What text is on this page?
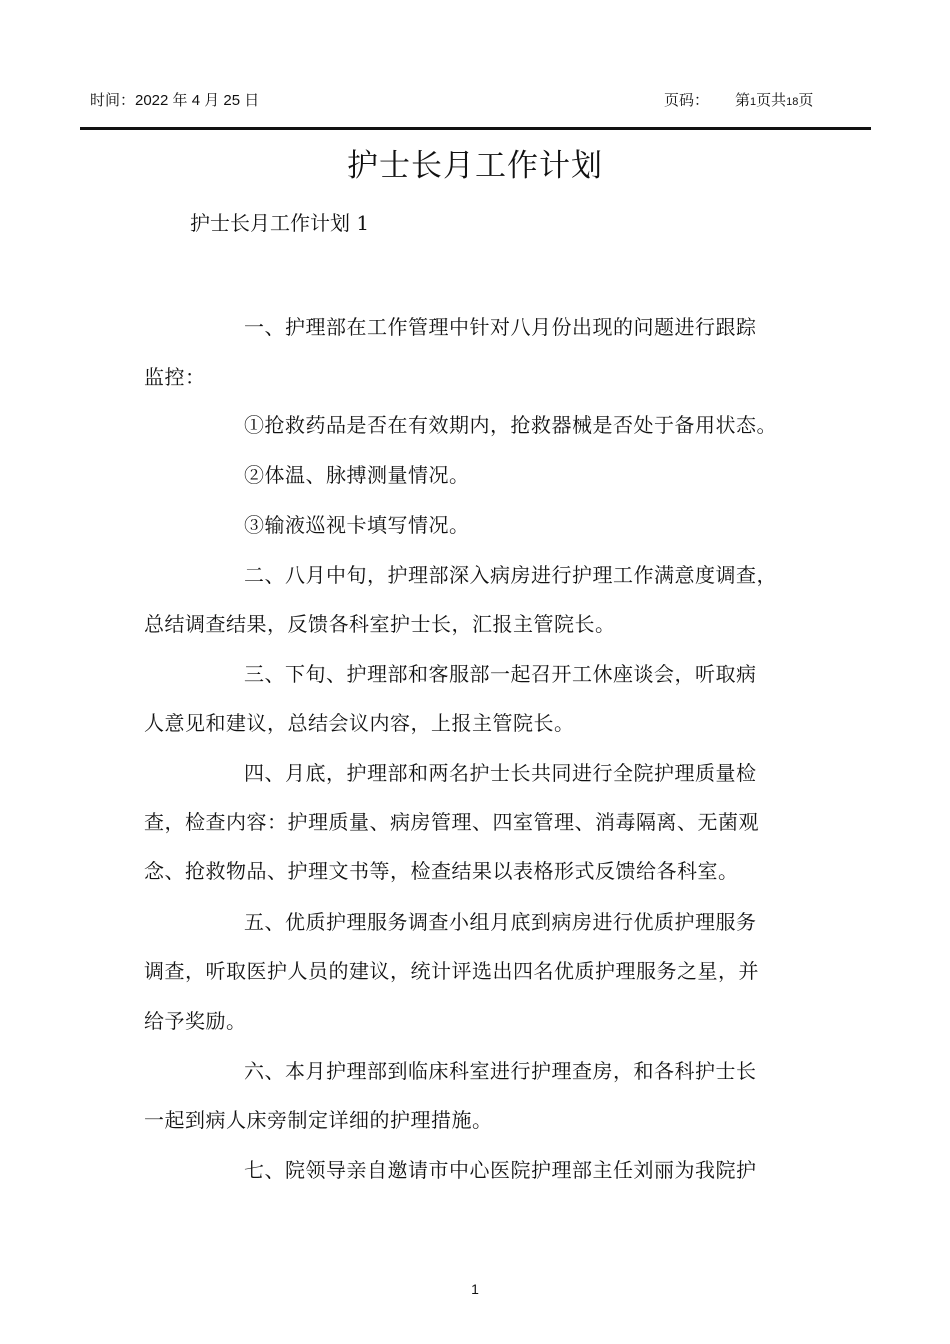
时间：2022 年 4 月 25 日	页码： 第1页共18页
护士长月工作计划
护士长月工作计划 1
一、护理部在工作管理中针对八月份出现的问题进行跟踪
监控：
①抢救药品是否在有效期内，抢救器械是否处于备用状态。
②体温、脉搏测量情况。
③输液巡视卡填写情况。
二、八月中旬，护理部深入病房进行护理工作满意度调查，
总结调查结果，反馈各科室护士长，汇报主管院长。
三、下旬、护理部和客服部一起召开工休座谈会，听取病
人意见和建议，总结会议内容，上报主管院长。
四、月底，护理部和两名护士长共同进行全院护理质量检
查，检查内容：护理质量、病房管理、四室管理、消毒隔离、无菌观
念、抢救物品、护理文书等，检查结果以表格形式反馈给各科室。
五、优质护理服务调查小组月底到病房进行优质护理服务
调查，听取医护人员的建议，统计评选出四名优质护理服务之星，并
给予奖励。
六、本月护理部到临床科室进行护理查房，和各科护士长
一起到病人床旁制定详细的护理措施。
七、院领导亲自邀请市中心医院护理部主任刘丽为我院护
1
